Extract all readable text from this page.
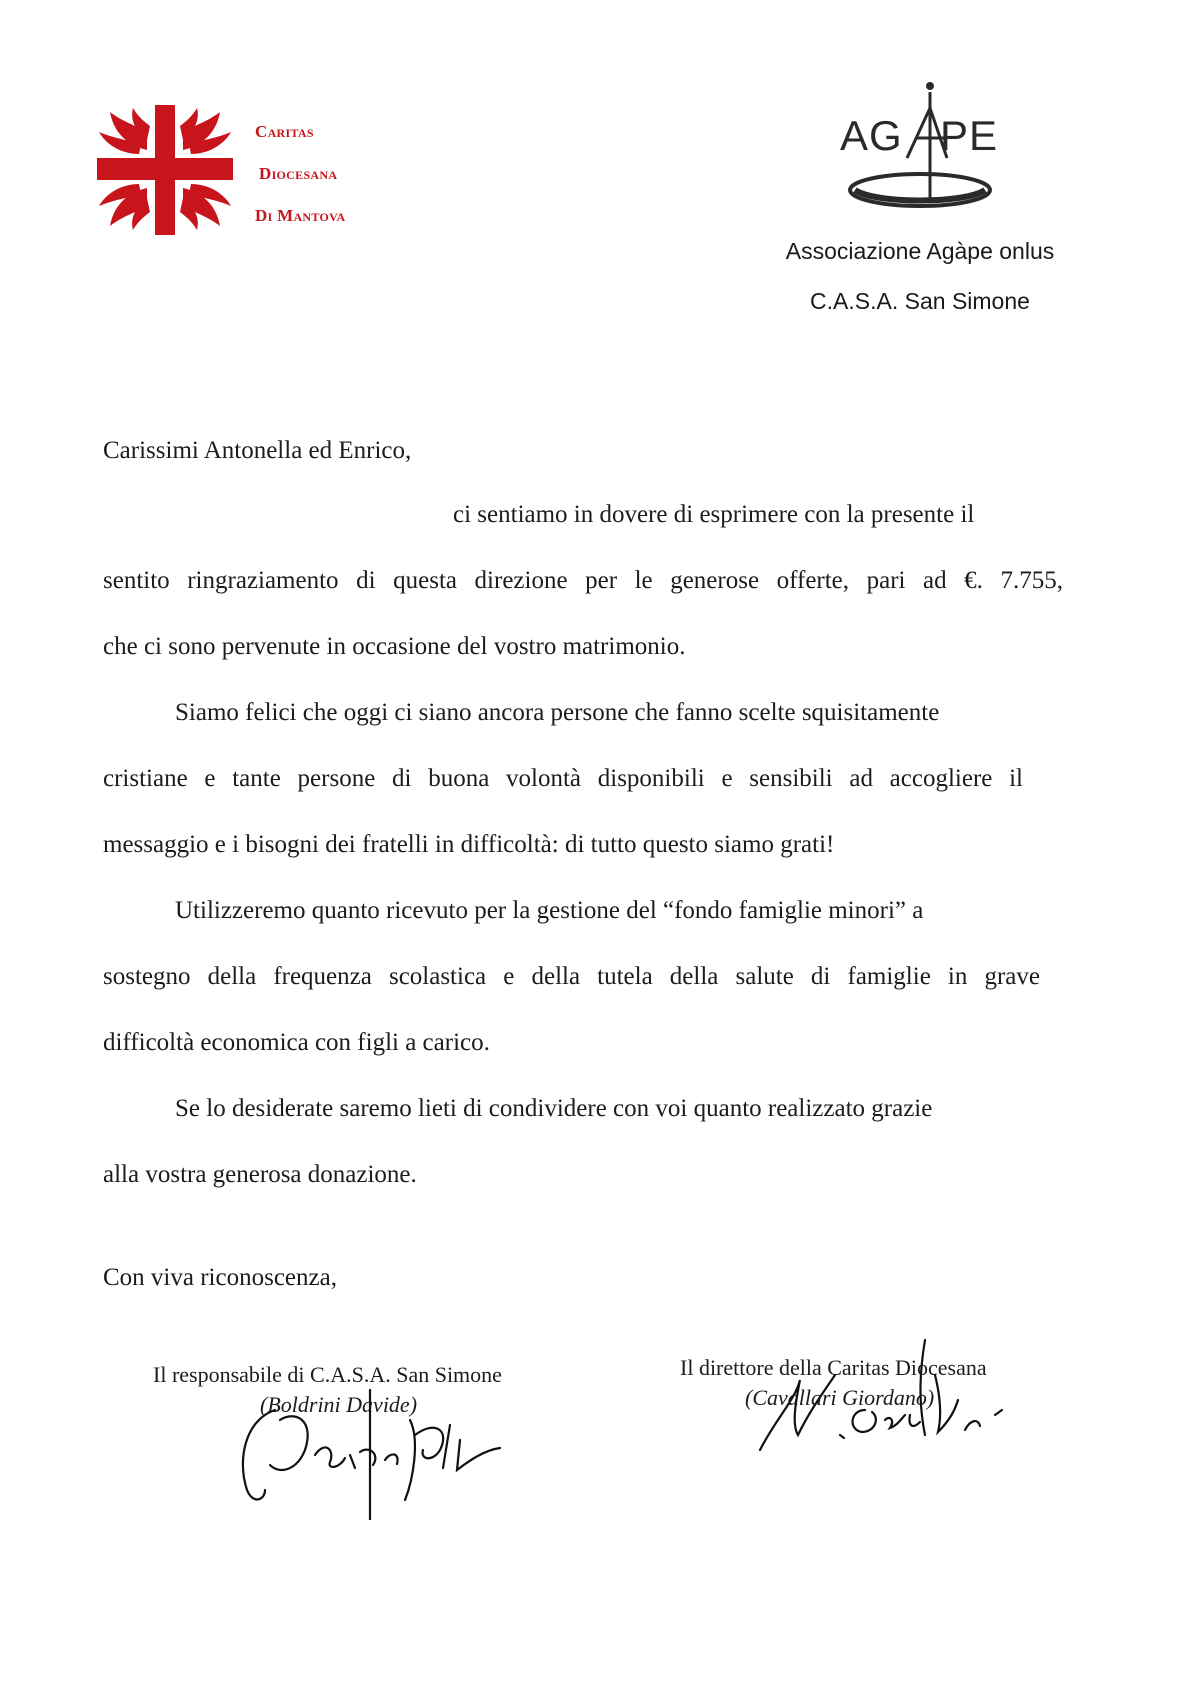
Caritas
Diocesana
Di Mantova
AG PE
Associazione Agàpe onlus
C.A.S.A. San Simone
Carissimi Antonella ed Enrico,
ci sentiamo in dovere di esprimere con la presente il
sentito ringraziamento di questa direzione per le generose offerte, pari ad €. 7.755,
che ci sono pervenute in occasione del vostro matrimonio.
Siamo felici che oggi ci siano ancora persone che fanno scelte squisitamente
cristiane e tante persone di buona volontà disponibili e sensibili ad accogliere il
messaggio e i bisogni dei fratelli in difficoltà: di tutto questo siamo grati!
Utilizzeremo quanto ricevuto per la gestione del “fondo famiglie minori” a
sostegno della frequenza scolastica e della tutela della salute di famiglie in grave
difficoltà economica con figli a carico.
Se lo desiderate saremo lieti di condividere con voi quanto realizzato grazie
alla vostra generosa donazione.
Con viva riconoscenza,
Il responsabile di C.A.S.A. San Simone
(Boldrini Davide)
Il direttore della Caritas Diocesana
(Cavallari Giordano)
